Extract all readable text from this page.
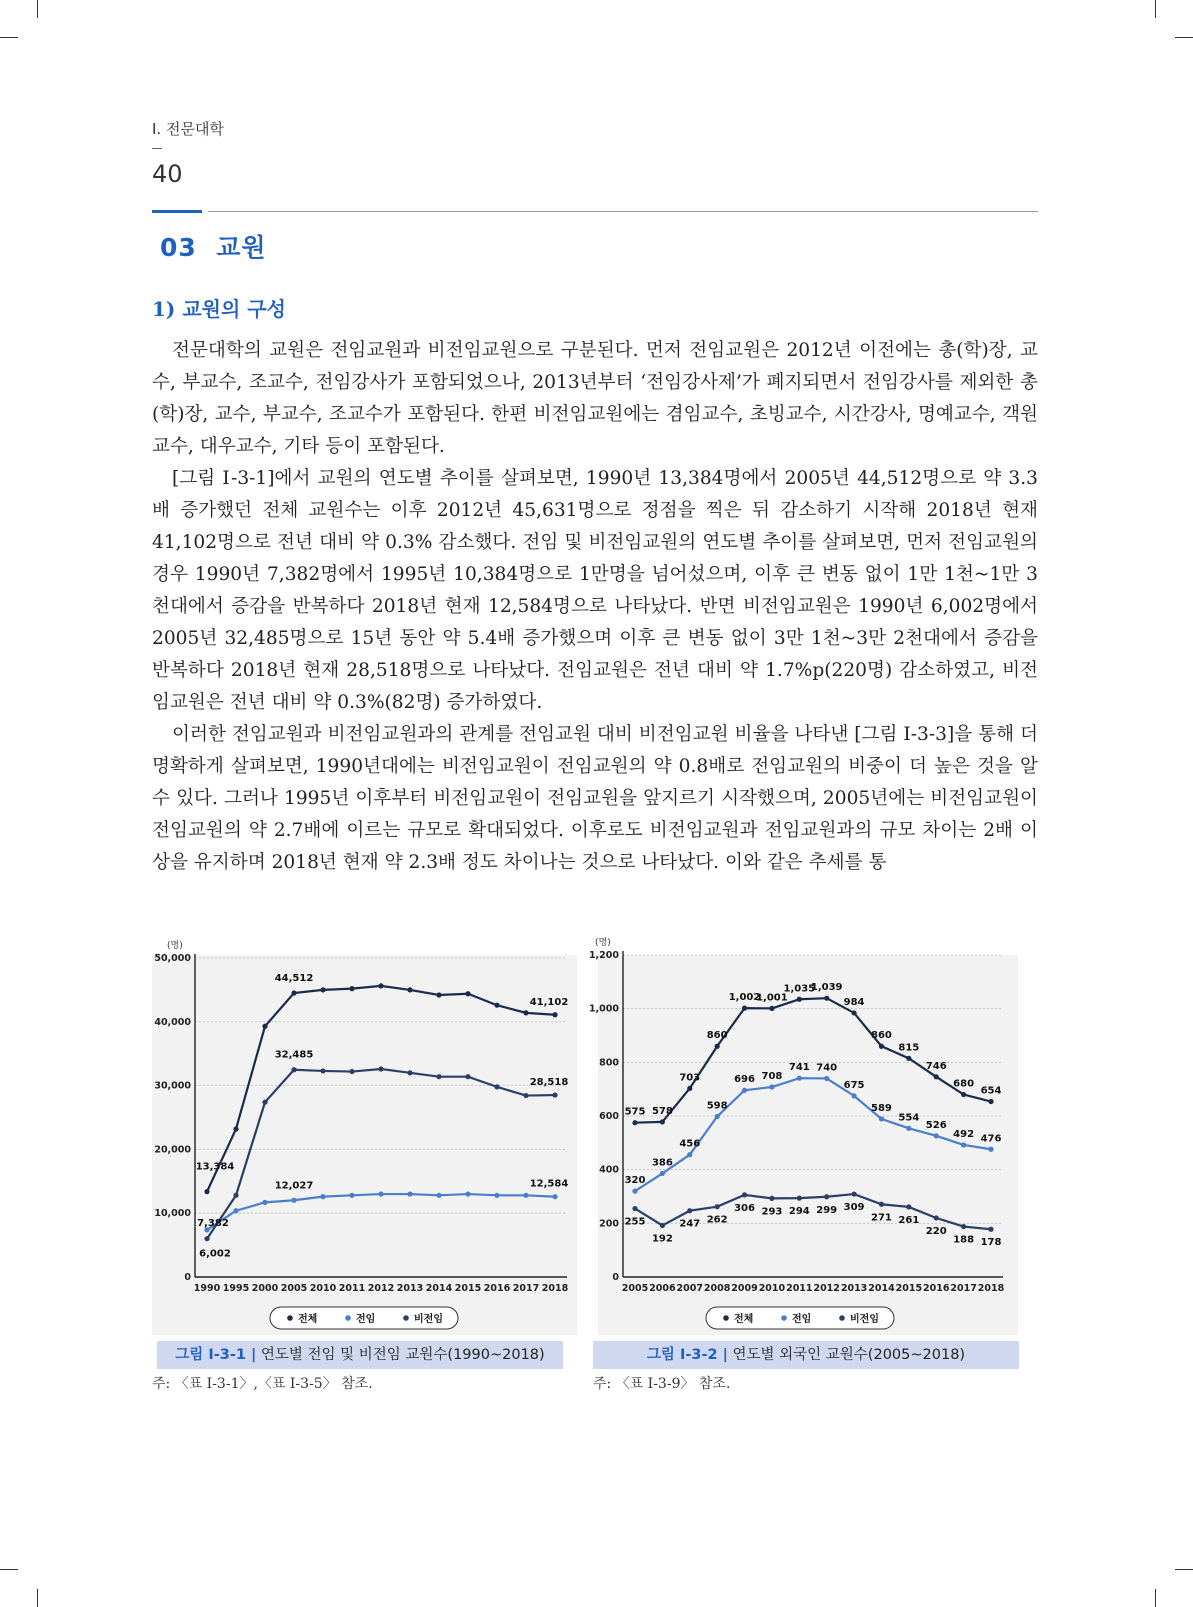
Ⅰ. 전문대학
40
03  교원
1) 교원의 구성

전문대학의 교원은 전임교원과 비전임교원으로 구분된다. 먼저 전임교원은 2012년 이전에는 총(학)장, 교수, 부교수, 조교수, 전임강사가 포함되었으나, 2013년부터 ‘전임강사제’가 폐지되면서 전임강사를 제외한 총(학)장, 교수, 부교수, 조교수가 포함된다. 한편 비전임교원에는 겸임교수, 초빙교수, 시간강사, 명예교수, 객원교수, 대우교수, 기타 등이 포함된다.

[그림 Ⅰ-3-1]에서 교원의 연도별 추이를 살펴보면, 1990년 13,384명에서 2005년 44,512명으로 약 3.3배 증가했던 전체 교원수는 이후 2012년 45,631명으로 정점을 찍은 뒤 감소하기 시작해 2018년 현재 41,102명으로 전년 대비 약 0.3% 감소했다. 전임 및 비전임교원의 연도별 추이를 살펴보면, 먼저 전임교원의 경우 1990년 7,382명에서 1995년 10,384명으로 1만명을 넘어섰으며, 이후 큰 변동 없이 1만 1천~1만 3천대에서 증감을 반복하다 2018년 현재 12,584명으로 나타났다. 반면 비전임교원은 1990년 6,002명에서 2005년 32,485명으로 15년 동안 약 5.4배 증가했으며 이후 큰 변동 없이 3만 1천~3만 2천대에서 증감을 반복하다 2018년 현재 28,518명으로 나타났다. 전임교원은 전년 대비 약 1.7%p(220명) 감소하였고, 비전임교원은 전년 대비 약 0.3%(82명) 증가하였다.

이러한 전임교원과 비전임교원과의 관계를 전임교원 대비 비전임교원 비율을 나타낸 [그림 Ⅰ-3-3]을 통해 더 명확하게 살펴보면, 1990년대에는 비전임교원이 전임교원의 약 0.8배로 전임교원의 비중이 더 높은 것을 알 수 있다. 그러나 1995년 이후부터 비전임교원이 전임교원을 앞지르기 시작했으며, 2005년에는 비전임교원이 전임교원의 약 2.7배에 이르는 규모로 확대되었다. 이후로도 비전임교원과 전임교원과의 규모 차이는 2배 이상을 유지하며 2018년 현재 약 2.3배 정도 차이나는 것으로 나타났다. 이와 같은 추세를 통

(명)
0
10,000
20,000
30,000
40,000
50,000
1990 1995 2000 2005 2010 2011 2012 2013 2014 2015 2016 2017 2018
13,384
44,512
41,102
7,382
12,027	12,584
6,002
32,485
28,518
전체	전임	비전임
그림 Ⅰ-3-1 | 연도별 전임 및 비전임 교원수(1990~2018)
주: 〈표 Ⅰ-3-1〉,〈표 Ⅰ-3-5〉 참조.
(명)
0
200
400
600
800
1,000
1,200
2005 2006 2007 2008 2009 2010 2011 2012 2013 2014 2015 2016 2017 2018
575 578
703
860
1,002
1,001
1,035
1,039
984
860
815
746
680
654
320
386
456
598
696 708
741 740
675
589
554
526
492 476
255
192
247 262
306 293 294 299 309
271 261
220
188 178
전체	전임	비전임
그림 Ⅰ-3-2 | 연도별 외국인 교원수(2005~2018)
주: 〈표 Ⅰ-3-9〉 참조.
